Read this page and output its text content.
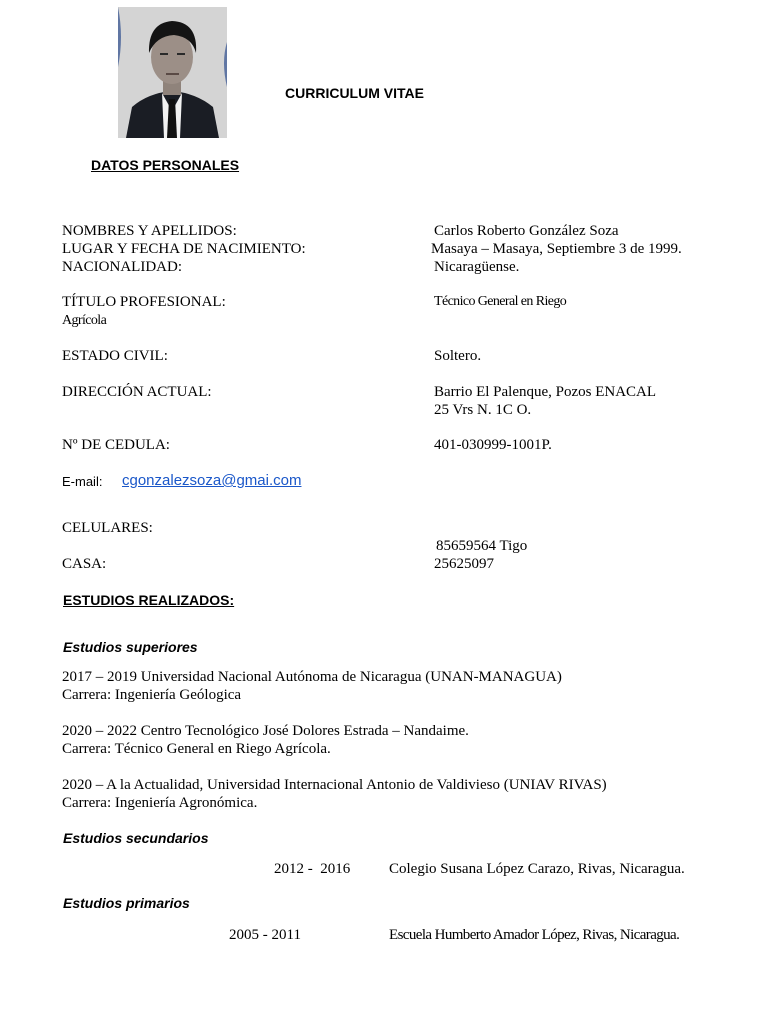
CURRICULUM VITAE
DATOS PERSONALES
NOMBRES Y APELLIDOS:	Carlos Roberto González Soza
LUGAR Y FECHA DE NACIMIENTO:	Masaya – Masaya, Septiembre 3 de 1999.
NACIONALIDAD:	Nicaragüense.
TÍTULO PROFESIONAL:	Técnico General en Riego
Agrícola
ESTADO CIVIL:	Soltero.
DIRECCIÓN ACTUAL:	Barrio El Palenque, Pozos ENACAL
25 Vrs N. 1C O.
Nº DE CEDULA:	401-030999-1001P.
E-mail: cgonzalezsoza@gmai.com
CELULARES:
85659564 Tigo
CASA:	25625097
ESTUDIOS REALIZADOS:
Estudios superiores
2017 – 2019 Universidad Nacional Autónoma de Nicaragua (UNAN-MANAGUA)
Carrera: Ingeniería Geólogica
2020 – 2022 Centro Tecnológico José Dolores Estrada – Nandaime.
Carrera: Técnico General en Riego Agrícola.
2020 – A la Actualidad, Universidad Internacional Antonio de Valdivieso (UNIAV RIVAS)
Carrera: Ingeniería Agronómica.
Estudios secundarios
2012 -  2016	Colegio Susana López Carazo, Rivas, Nicaragua.
Estudios primarios
2005 - 2011	Escuela Humberto Amador López, Rivas, Nicaragua.
